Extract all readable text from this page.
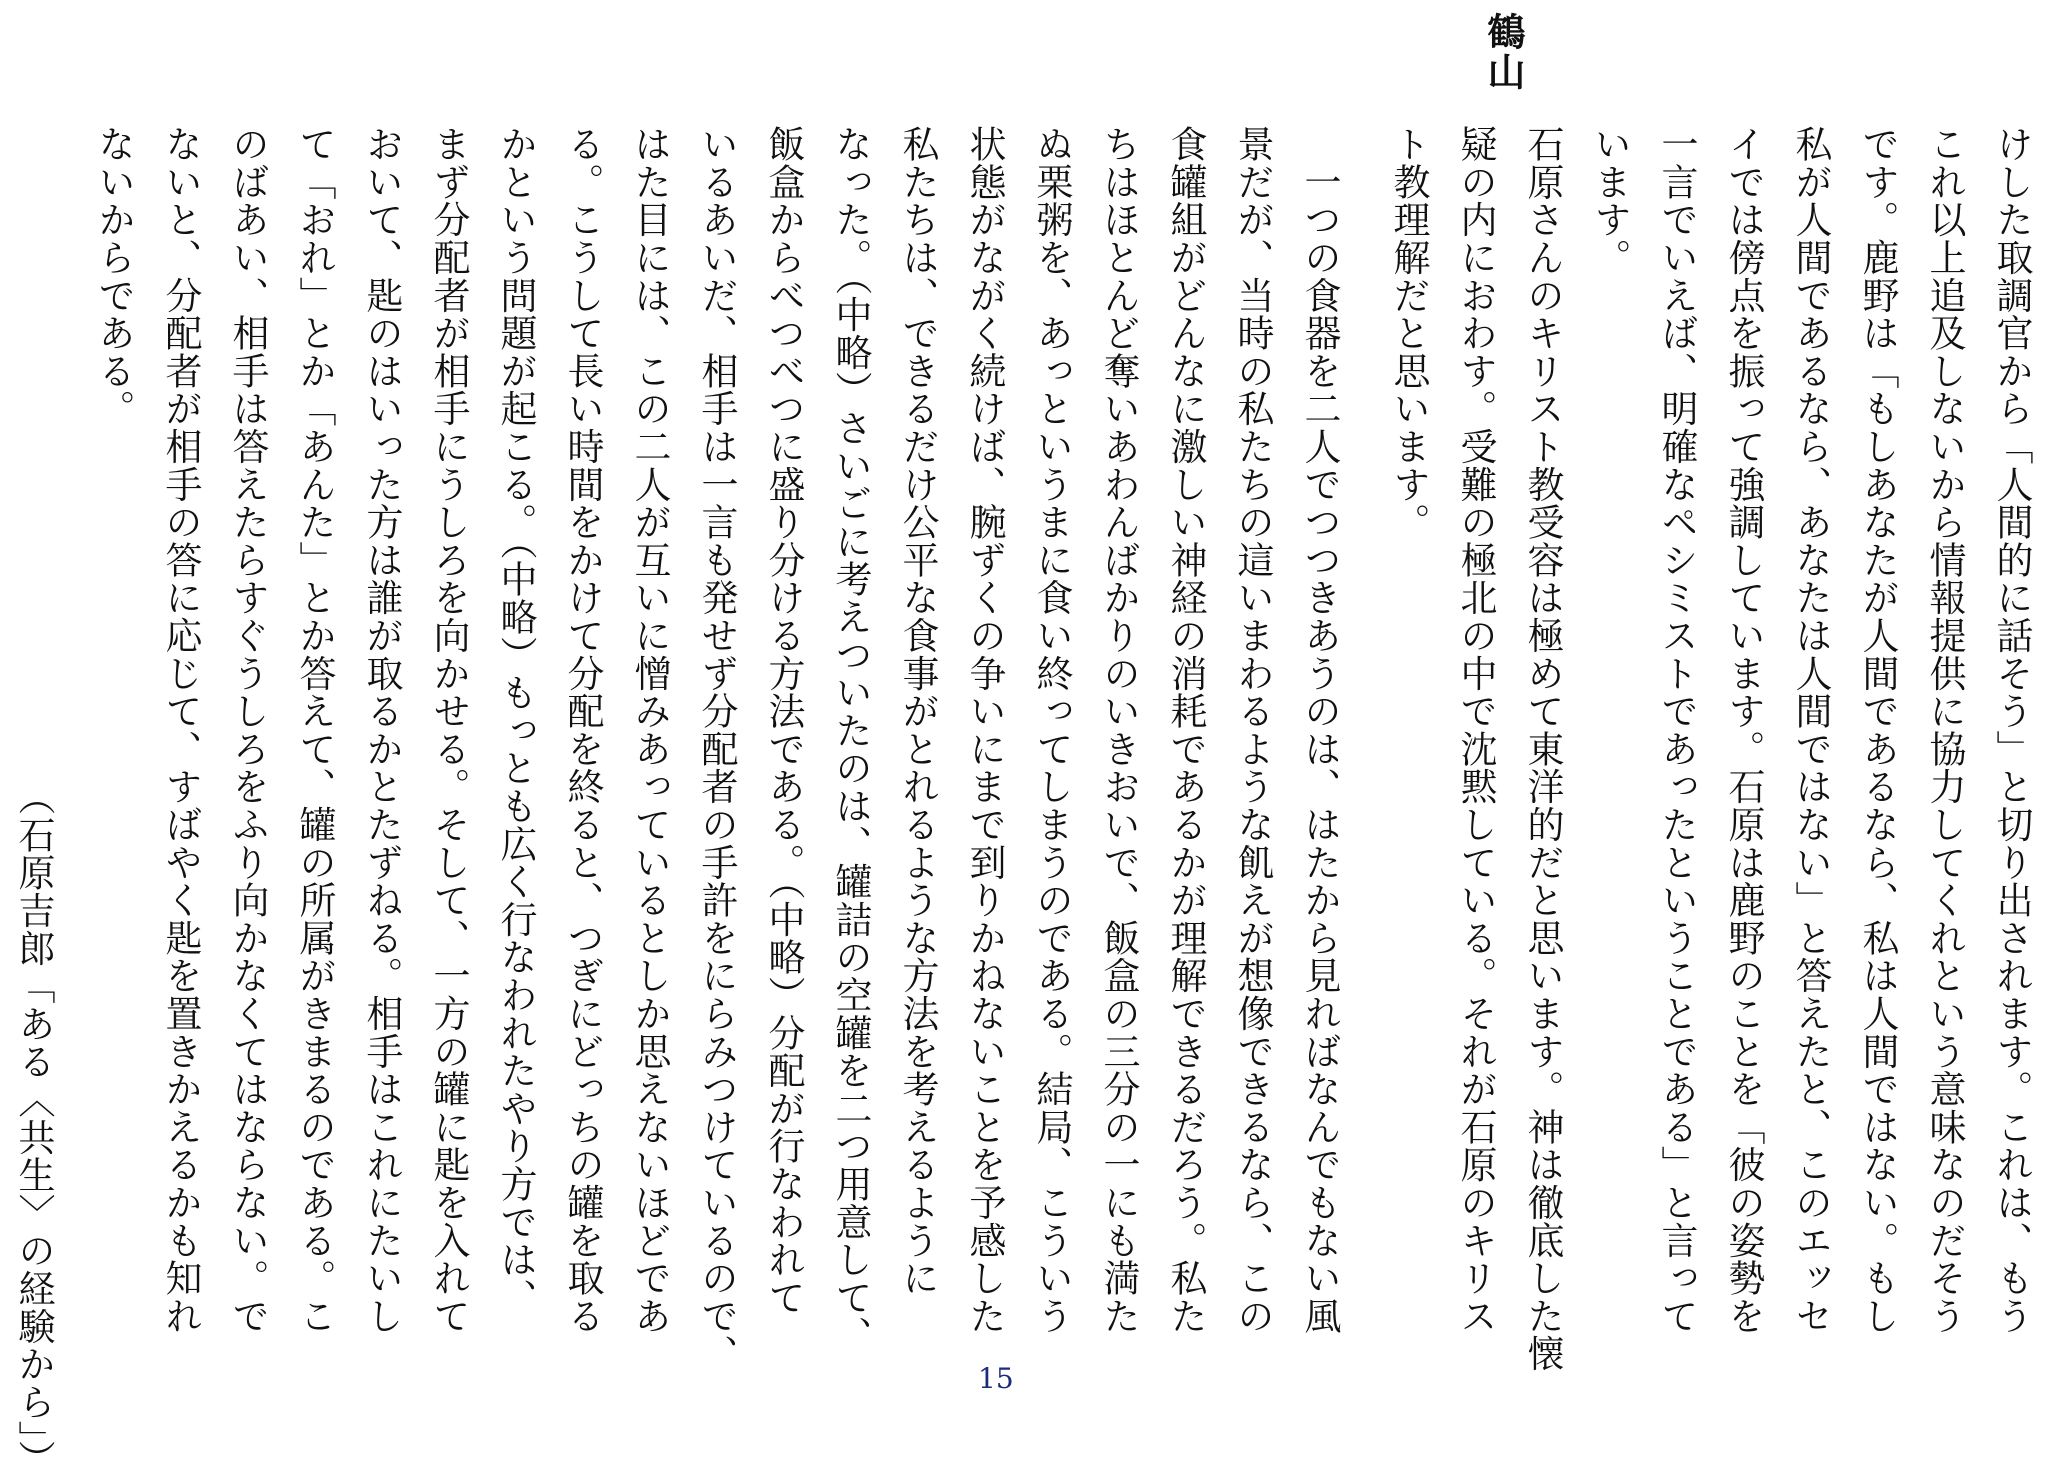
けした取調官から「人間的に話そう」と切り出されます。これは、もう
これ以上追及しないから情報提供に協力してくれという意味なのだそう
です。鹿野は「もしあなたが人間であるなら、私は人間ではない。もし
私が人間であるなら、あなたは人間ではない」と答えたと、このエッセ
イでは傍点を振って強調しています。石原は鹿野のことを「彼の姿勢を
一言でいえば、明確なペシミストであったということである」と言って
います。
石原さんのキリスト教受容は極めて東洋的だと思います。神は徹底した懐
疑の内におわす。受難の極北の中で沈黙している。それが石原のキリス
ト教理解だと思います。
鶴山
　一つの食器を二人でつつきあうのは、はたから見ればなんでもない風
景だが、当時の私たちの這いまわるような飢えが想像できるなら、この
食罐組がどんなに激しい神経の消耗であるかが理解できるだろう。私た
ちはほとんど奪いあわんばかりのいきおいで、飯盒の三分の一にも満た
ぬ栗粥を、あっというまに食い終ってしまうのである。結局、こういう
状態がながく続けば、腕ずくの争いにまで到りかねないことを予感した
私たちは、できるだけ公平な食事がとれるような方法を考えるように
なった。（中略）さいごに考えついたのは、罐詰の空罐を二つ用意して、
飯盒からべつべつに盛り分ける方法である。（中略）分配が行なわれて
いるあいだ、相手は一言も発せず分配者の手許をにらみつけているので、
はた目には、この二人が互いに憎みあっているとしか思えないほどであ
る。こうして長い時間をかけて分配を終ると、つぎにどっちの罐を取る
かという問題が起こる。（中略）もっとも広く行なわれたやり方では、
まず分配者が相手にうしろを向かせる。そして、一方の罐に匙を入れて
おいて、匙のはいった方は誰が取るかとたずねる。相手はこれにたいし
て「おれ」とか「あんた」とか答えて、罐の所属がきまるのである。こ
のばあい、相手は答えたらすぐうしろをふり向かなくてはならない。で
ないと、分配者が相手の答に応じて、すばやく匙を置きかえるかも知れ
ないからである。
（石原吉郎「ある〈共生〉の経験から」）	15
